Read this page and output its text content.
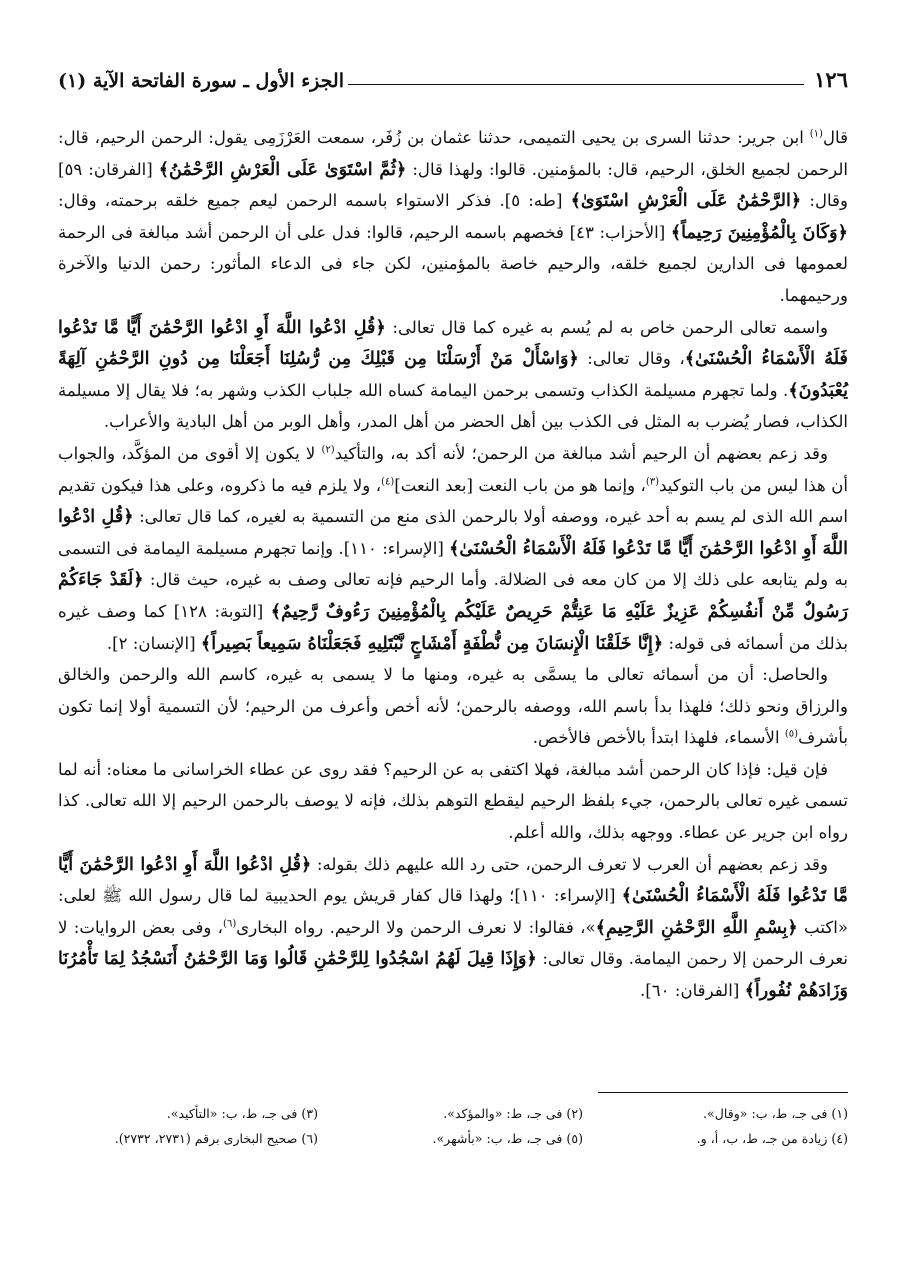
١٢٦
الجزء الأول ـ سورة الفاتحة الآية (١)

قال$^{(١)}$ ابن جرير: حدثنا السرى بن يحيى التميمى، حدثنا عثمان بن زُفَر، سمعت العَرْزَمِى يقول: الرحمن الرحيم، قال: الرحمن لجميع الخلق، الرحيم، قال: بالمؤمنين. قالوا: ولهذا قال: ﴿ثُمَّ اسْتَوَىٰ عَلَى الْعَرْشِ الرَّحْمَٰنُ﴾ [الفرقان: ٥٩] وقال: ﴿الرَّحْمَٰنُ عَلَى الْعَرْشِ اسْتَوَىٰ﴾ [طه: ٥]. فذكر الاستواء باسمه الرحمن ليعم جميع خلقه برحمته، وقال: ﴿وَكَانَ بِالْمُؤْمِنِينَ رَحِيماً﴾ [الأحزاب: ٤٣] فخصهم باسمه الرحيم، قالوا: فدل على أن الرحمن أشد مبالغة فى الرحمة لعمومها فى الدارين لجميع خلقه، والرحيم خاصة بالمؤمنين، لكن جاء فى الدعاء المأثور: رحمن الدنيا والآخرة ورحيمهما.

واسمه تعالى الرحمن خاص به لم يُسم به غيره كما قال تعالى: ﴿قُلِ ادْعُوا اللَّهَ أَوِ ادْعُوا الرَّحْمَٰنَ أَيًّا مَّا تَدْعُوا فَلَهُ الْأَسْمَاءُ الْحُسْنَىٰ﴾، وقال تعالى: ﴿وَاسْأَلْ مَنْ أَرْسَلْنَا مِن قَبْلِكَ مِن رُّسُلِنَا أَجَعَلْنَا مِن دُونِ الرَّحْمَٰنِ آلِهَةً يُعْبَدُونَ﴾. ولما تجهرم مسيلمة الكذاب وتسمى برحمن اليمامة كساه الله جلباب الكذب وشهر به؛ فلا يقال إلا مسيلمة الكذاب، فصار يُضرب به المثل فى الكذب بين أهل الحضر من أهل المدر، وأهل الوبر من أهل البادية والأعراب.

وقد زعم بعضهم أن الرحيم أشد مبالغة من الرحمن؛ لأنه أكد به، والتأكيد$^{(٢)}$ لا يكون إلا أقوى من المؤكَّد، والجواب أن هذا ليس من باب التوكيد$^{(٣)}$، وإنما هو من باب النعت [بعد النعت]$^{(٤)}$، ولا يلزم فيه ما ذكروه، وعلى هذا فيكون تقديم اسم الله الذى لم يسم به أحد غيره، ووصفه أولا بالرحمن الذى منع من التسمية به لغيره، كما قال تعالى: ﴿قُلِ ادْعُوا اللَّهَ أَوِ ادْعُوا الرَّحْمَٰنَ أَيًّا مَّا تَدْعُوا فَلَهُ الْأَسْمَاءُ الْحُسْنَىٰ﴾ [الإسراء: ١١٠]. وإنما تجهرم مسيلمة اليمامة فى التسمى به ولم يتابعه على ذلك إلا من كان معه فى الضلالة. وأما الرحيم فإنه تعالى وصف به غيره، حيث قال: ﴿لَقَدْ جَاءَكُمْ رَسُولٌ مِّنْ أَنفُسِكُمْ عَزِيزٌ عَلَيْهِ مَا عَنِتُّمْ حَرِيصٌ عَلَيْكُم بِالْمُؤْمِنِينَ رَءُوفٌ رَّحِيمٌ﴾ [التوبة: ١٢٨] كما وصف غيره بذلك من أسمائه فى قوله: ﴿إِنَّا خَلَقْنَا الْإِنسَانَ مِن نُّطْفَةٍ أَمْشَاجٍ نَّبْتَلِيهِ فَجَعَلْنَاهُ سَمِيعاً بَصِيراً﴾ [الإنسان: ٢].

والحاصل: أن من أسمائه تعالى ما يسمَّى به غيره، ومنها ما لا يسمى به غيره، كاسم الله والرحمن والخالق والرزاق ونحو ذلك؛ فلهذا بدأ باسم الله، ووصفه بالرحمن؛ لأنه أخص وأعرف من الرحيم؛ لأن التسمية أولا إنما تكون بأشرف$^{(٥)}$ الأسماء، فلهذا ابتدأ بالأخص فالأخص.

فإن قيل: فإذا كان الرحمن أشد مبالغة، فهلا اكتفى به عن الرحيم؟ فقد روى عن عطاء الخراسانى ما معناه: أنه لما تسمى غيره تعالى بالرحمن، جيء بلفظ الرحيم ليقطع التوهم بذلك، فإنه لا يوصف بالرحمن الرحيم إلا الله تعالى. كذا رواه ابن جرير عن عطاء. ووجهه بذلك، والله أعلم.

وقد زعم بعضهم أن العرب لا تعرف الرحمن، حتى رد الله عليهم ذلك بقوله: ﴿قُلِ ادْعُوا اللَّهَ أَوِ ادْعُوا الرَّحْمَٰنَ أَيًّا مَّا تَدْعُوا فَلَهُ الْأَسْمَاءُ الْحُسْنَىٰ﴾ [الإسراء: ١١٠]؛ ولهذا قال كفار قريش يوم الحديبية لما قال رسول الله ﷺ لعلى: «اكتب ﴿بِسْمِ اللَّهِ الرَّحْمَٰنِ الرَّحِيمِ﴾»، فقالوا: لا نعرف الرحمن ولا الرحيم. رواه البخارى$^{(٦)}$، وفى بعض الروايات: لا نعرف الرحمن إلا رحمن اليمامة. وقال تعالى: ﴿وَإِذَا قِيلَ لَهُمُ اسْجُدُوا لِلرَّحْمَٰنِ قَالُوا وَمَا الرَّحْمَٰنُ أَنَسْجُدُ لِمَا تَأْمُرُنَا وَزَادَهُمْ نُفُوراً﴾ [الفرقان: ٦٠].

(١) فى جـ، ط، ب: «وقال».
(٢) فى جـ، ط: «والمؤكد».
(٣) فى جـ، ط، ب: «التأكيد».
(٤) زيادة من جـ، ط، ب، أ، و.
(٥) فى جـ، ط، ب: «بأشهر».
(٦) صحيح البخارى برقم (٢٧٣١، ٢٧٣٢).
